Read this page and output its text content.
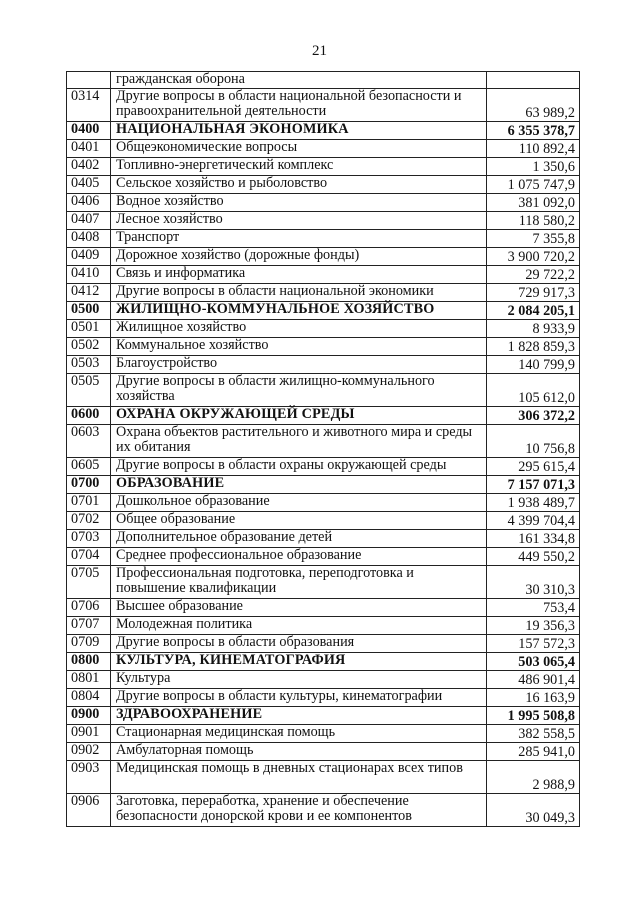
21
	гражданская оборона	
0314	Другие вопросы в области национальной безопасности и правоохранительной деятельности	63 989,2
0400	НАЦИОНАЛЬНАЯ ЭКОНОМИКА	6 355 378,7
0401	Общеэкономические вопросы	110 892,4
0402	Топливно-энергетический комплекс	1 350,6
0405	Сельское хозяйство и рыболовство	1 075 747,9
0406	Водное хозяйство	381 092,0
0407	Лесное хозяйство	118 580,2
0408	Транспорт	7 355,8
0409	Дорожное хозяйство (дорожные фонды)	3 900 720,2
0410	Связь и информатика	29 722,2
0412	Другие вопросы в области национальной экономики	729 917,3
0500	ЖИЛИЩНО-КОММУНАЛЬНОЕ ХОЗЯЙСТВО	2 084 205,1
0501	Жилищное хозяйство	8 933,9
0502	Коммунальное хозяйство	1 828 859,3
0503	Благоустройство	140 799,9
0505	Другие вопросы в области жилищно-коммунального хозяйства	105 612,0
0600	ОХРАНА ОКРУЖАЮЩЕЙ СРЕДЫ	306 372,2
0603	Охрана объектов растительного и животного мира и среды их обитания	10 756,8
0605	Другие вопросы в области охраны окружающей среды	295 615,4
0700	ОБРАЗОВАНИЕ	7 157 071,3
0701	Дошкольное образование	1 938 489,7
0702	Общее образование	4 399 704,4
0703	Дополнительное образование детей	161 334,8
0704	Среднее профессиональное образование	449 550,2
0705	Профессиональная подготовка, переподготовка и повышение квалификации	30 310,3
0706	Высшее образование	753,4
0707	Молодежная политика	19 356,3
0709	Другие вопросы в области образования	157 572,3
0800	КУЛЬТУРА, КИНЕМАТОГРАФИЯ	503 065,4
0801	Культура	486 901,4
0804	Другие вопросы в области культуры, кинематографии	16 163,9
0900	ЗДРАВООХРАНЕНИЕ	1 995 508,8
0901	Стационарная медицинская помощь	382 558,5
0902	Амбулаторная помощь	285 941,0
0903	Медицинская помощь в дневных стационарах всех типов	2 988,9
0906	Заготовка, переработка, хранение и обеспечение безопасности донорской крови и ее компонентов	30 049,3
